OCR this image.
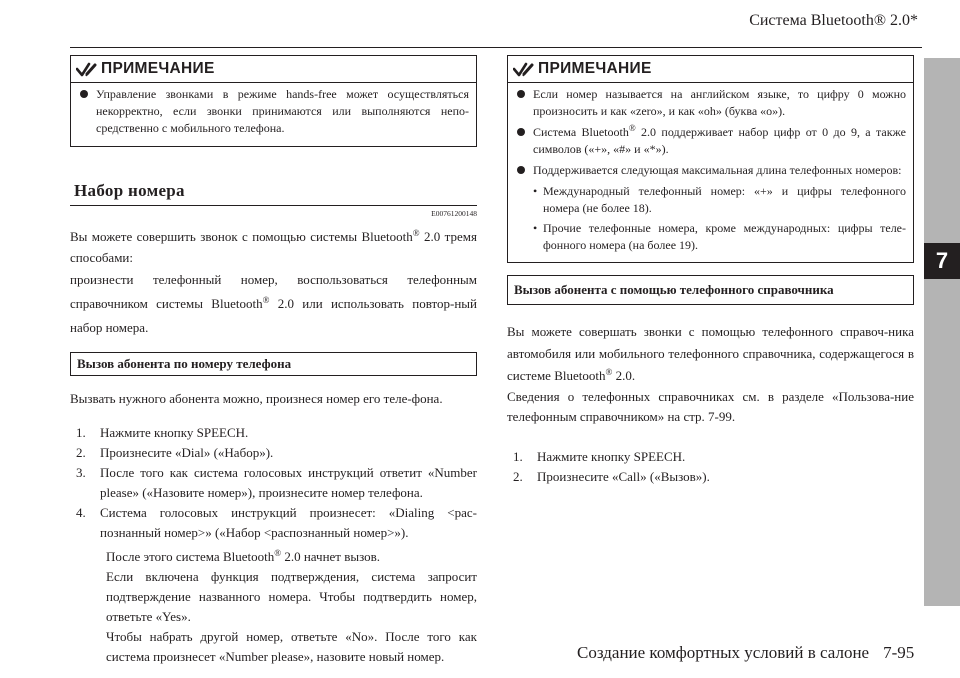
Система Bluetooth® 2.0*
7
ПРИМЕЧАНИЕ
Управление звонками в режиме hands-free может осуществляться некорректно, если звонки принимаются или выполняются непо-средственно с мобильного телефона.
Набор номера
E00761200148

Вы можете совершить звонок с помощью системы Bluetooth® 2.0 тремя способами:

произнести телефонный номер, воспользоваться телефонным справочником системы Bluetooth® 2.0 или использовать повтор-ный набор номера.

Вызов абонента по номеру телефона

Вызвать нужного абонента можно, произнеся номер его теле-фона.

1. Нажмите кнопку SPEECH.
2. Произнесите «Dial» («Набор»).
3. После того как система голосовых инструкций ответит «Number please» («Назовите номер»), произнесите номер телефона.
4. Система голосовых инструкций произнесет: «Dialing <рас-познанный номер>» («Набор <распознанный номер>»).
После этого система Bluetooth® 2.0 начнет вызов.
Если включена функция подтверждения, система запросит подтверждение названного номера. Чтобы подтвердить номер, ответьте «Yes».
Чтобы набрать другой номер, ответьте «No». После того как система произнесет «Number please», назовите новый номер.
ПРИМЕЧАНИЕ
Если номер называется на английском языке, то цифру 0 можно произносить и как «zero», и как «oh» (буква «o»).
Система Bluetooth® 2.0 поддерживает набор цифр от 0 до 9, а также символов («+», «#» и «*»).
Поддерживается следующая максимальная длина телефонных номеров:
• Международный телефонный номер: «+» и цифры телефонного номера (не более 18).
• Прочие телефонные номера, кроме международных: цифры теле-фонного номера (на более 19).
Вызов абонента с помощью телефонного справочника

Вы можете совершать звонки с помощью телефонного справоч-ника автомобиля или мобильного телефонного справочника, содержащегося в системе Bluetooth® 2.0.

Сведения о телефонных справочниках см. в разделе «Пользова-ние телефонным справочником» на стр. 7-99.

1. Нажмите кнопку SPEECH.
2. Произнесите «Call» («Вызов»).
Создание комфортных условий в салоне 7-95
